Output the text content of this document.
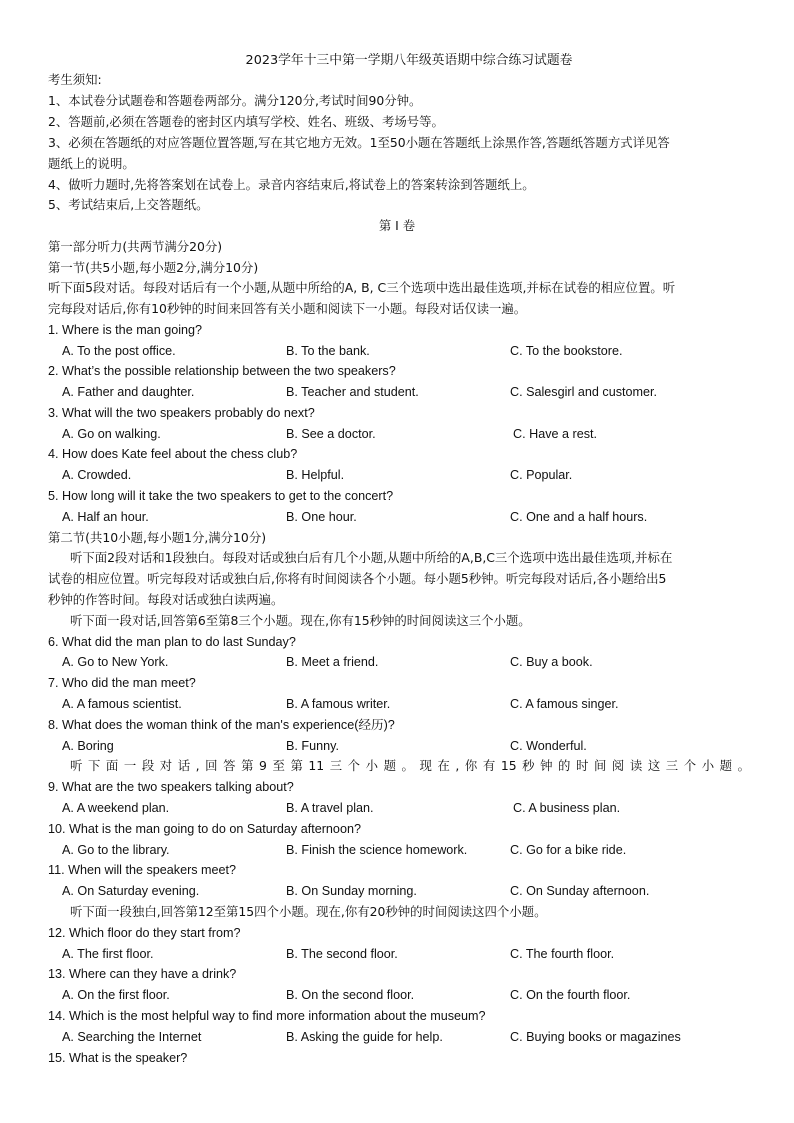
2023学年十三中第一学期八年级英语期中综合练习试题卷
考生须知:
1、本试卷分试题卷和答题卷两部分。满分120分,考试时间90分钟。
2、答题前,必须在答题卷的密封区内填写学校、姓名、班级、考场号等。
3、必须在答题纸的对应答题位置答题,写在其它地方无效。1至50小题在答题纸上涂黑作答,答题纸答题方式详见答
题纸上的说明。
4、做听力题时,先将答案划在试卷上。录音内容结束后,将试卷上的答案转涂到答题纸上。
5、考试结束后,上交答题纸。
第 I 卷
第一部分听力(共两节满分20分)
第一节(共5小题,每小题2分,满分10分)
听下面5段对话。每段对话后有一个小题,从题中所给的A, B, C三个选项中选出最佳选项,并标在试卷的相应位置。听
完每段对话后,你有10秒钟的时间来回答有关小题和阅读下一小题。每段对话仅读一遍。
1. Where is the man going?
A. To the post office.	B. To the bank.	C. To the bookstore.
2. What’s the possible relationship between the two speakers?
A. Father and daughter.	B. Teacher and student.	C. Salesgirl and customer.
3. What will the two speakers probably do next?
A. Go on walking.	B. See a doctor.	C. Have a rest.
4. How does Kate feel about the chess club?
A. Crowded.	B. Helpful.	C. Popular.
5. How long will it take the two speakers to get to the concert?
A. Half an hour.	B. One hour.	C. One and a half hours.
第二节(共10小题,每小题1分,满分10分)
听下面2段对话和1段独白。每段对话或独白后有几个小题,从题中所给的A,B,C三个选项中选出最佳选项,并标在
试卷的相应位置。听完每段对话或独白后,你将有时间阅读各个小题。每小题5秒钟。听完每段对话后,各小题给出5
秒钟的作答时间。每段对话或独白读两遍。
听下面一段对话,回答第6至第8三个小题。现在,你有15秒钟的时间阅读这三个小题。
6. What did the man plan to do last Sunday?
A. Go to New York.	B. Meet a friend.	C. Buy a book.
7. Who did the man meet?
A. A famous scientist.	B. A famous writer.	C. A famous singer.
8. What does the woman think of the man's experience(经历)?
A. Boring	B. Funny.	C. Wonderful.
听下面一段对话,回答第9至第11三个小题。现在,你有15秒钟的时间阅读这三个小题。
9. What are the two speakers talking about?
A. A weekend plan.	B. A travel plan.	C. A business plan.
10. What is the man going to do on Saturday afternoon?
A. Go to the library.	B. Finish the science homework.	C. Go for a bike ride.
11. When will the speakers meet?
A. On Saturday evening.	B. On Sunday morning.	C. On Sunday afternoon.
听下面一段独白,回答第12至第15四个小题。现在,你有20秒钟的时间阅读这四个小题。
12. Which floor do they start from?
A. The first floor.	B. The second floor.	C. The fourth floor.
13. Where can they have a drink?
A. On the first floor.	B. On the second floor.	C. On the fourth floor.
14. Which is the most helpful way to find more information about the museum?
A. Searching the Internet	B. Asking the guide for help.	C. Buying books or magazines
15. What is the speaker?
